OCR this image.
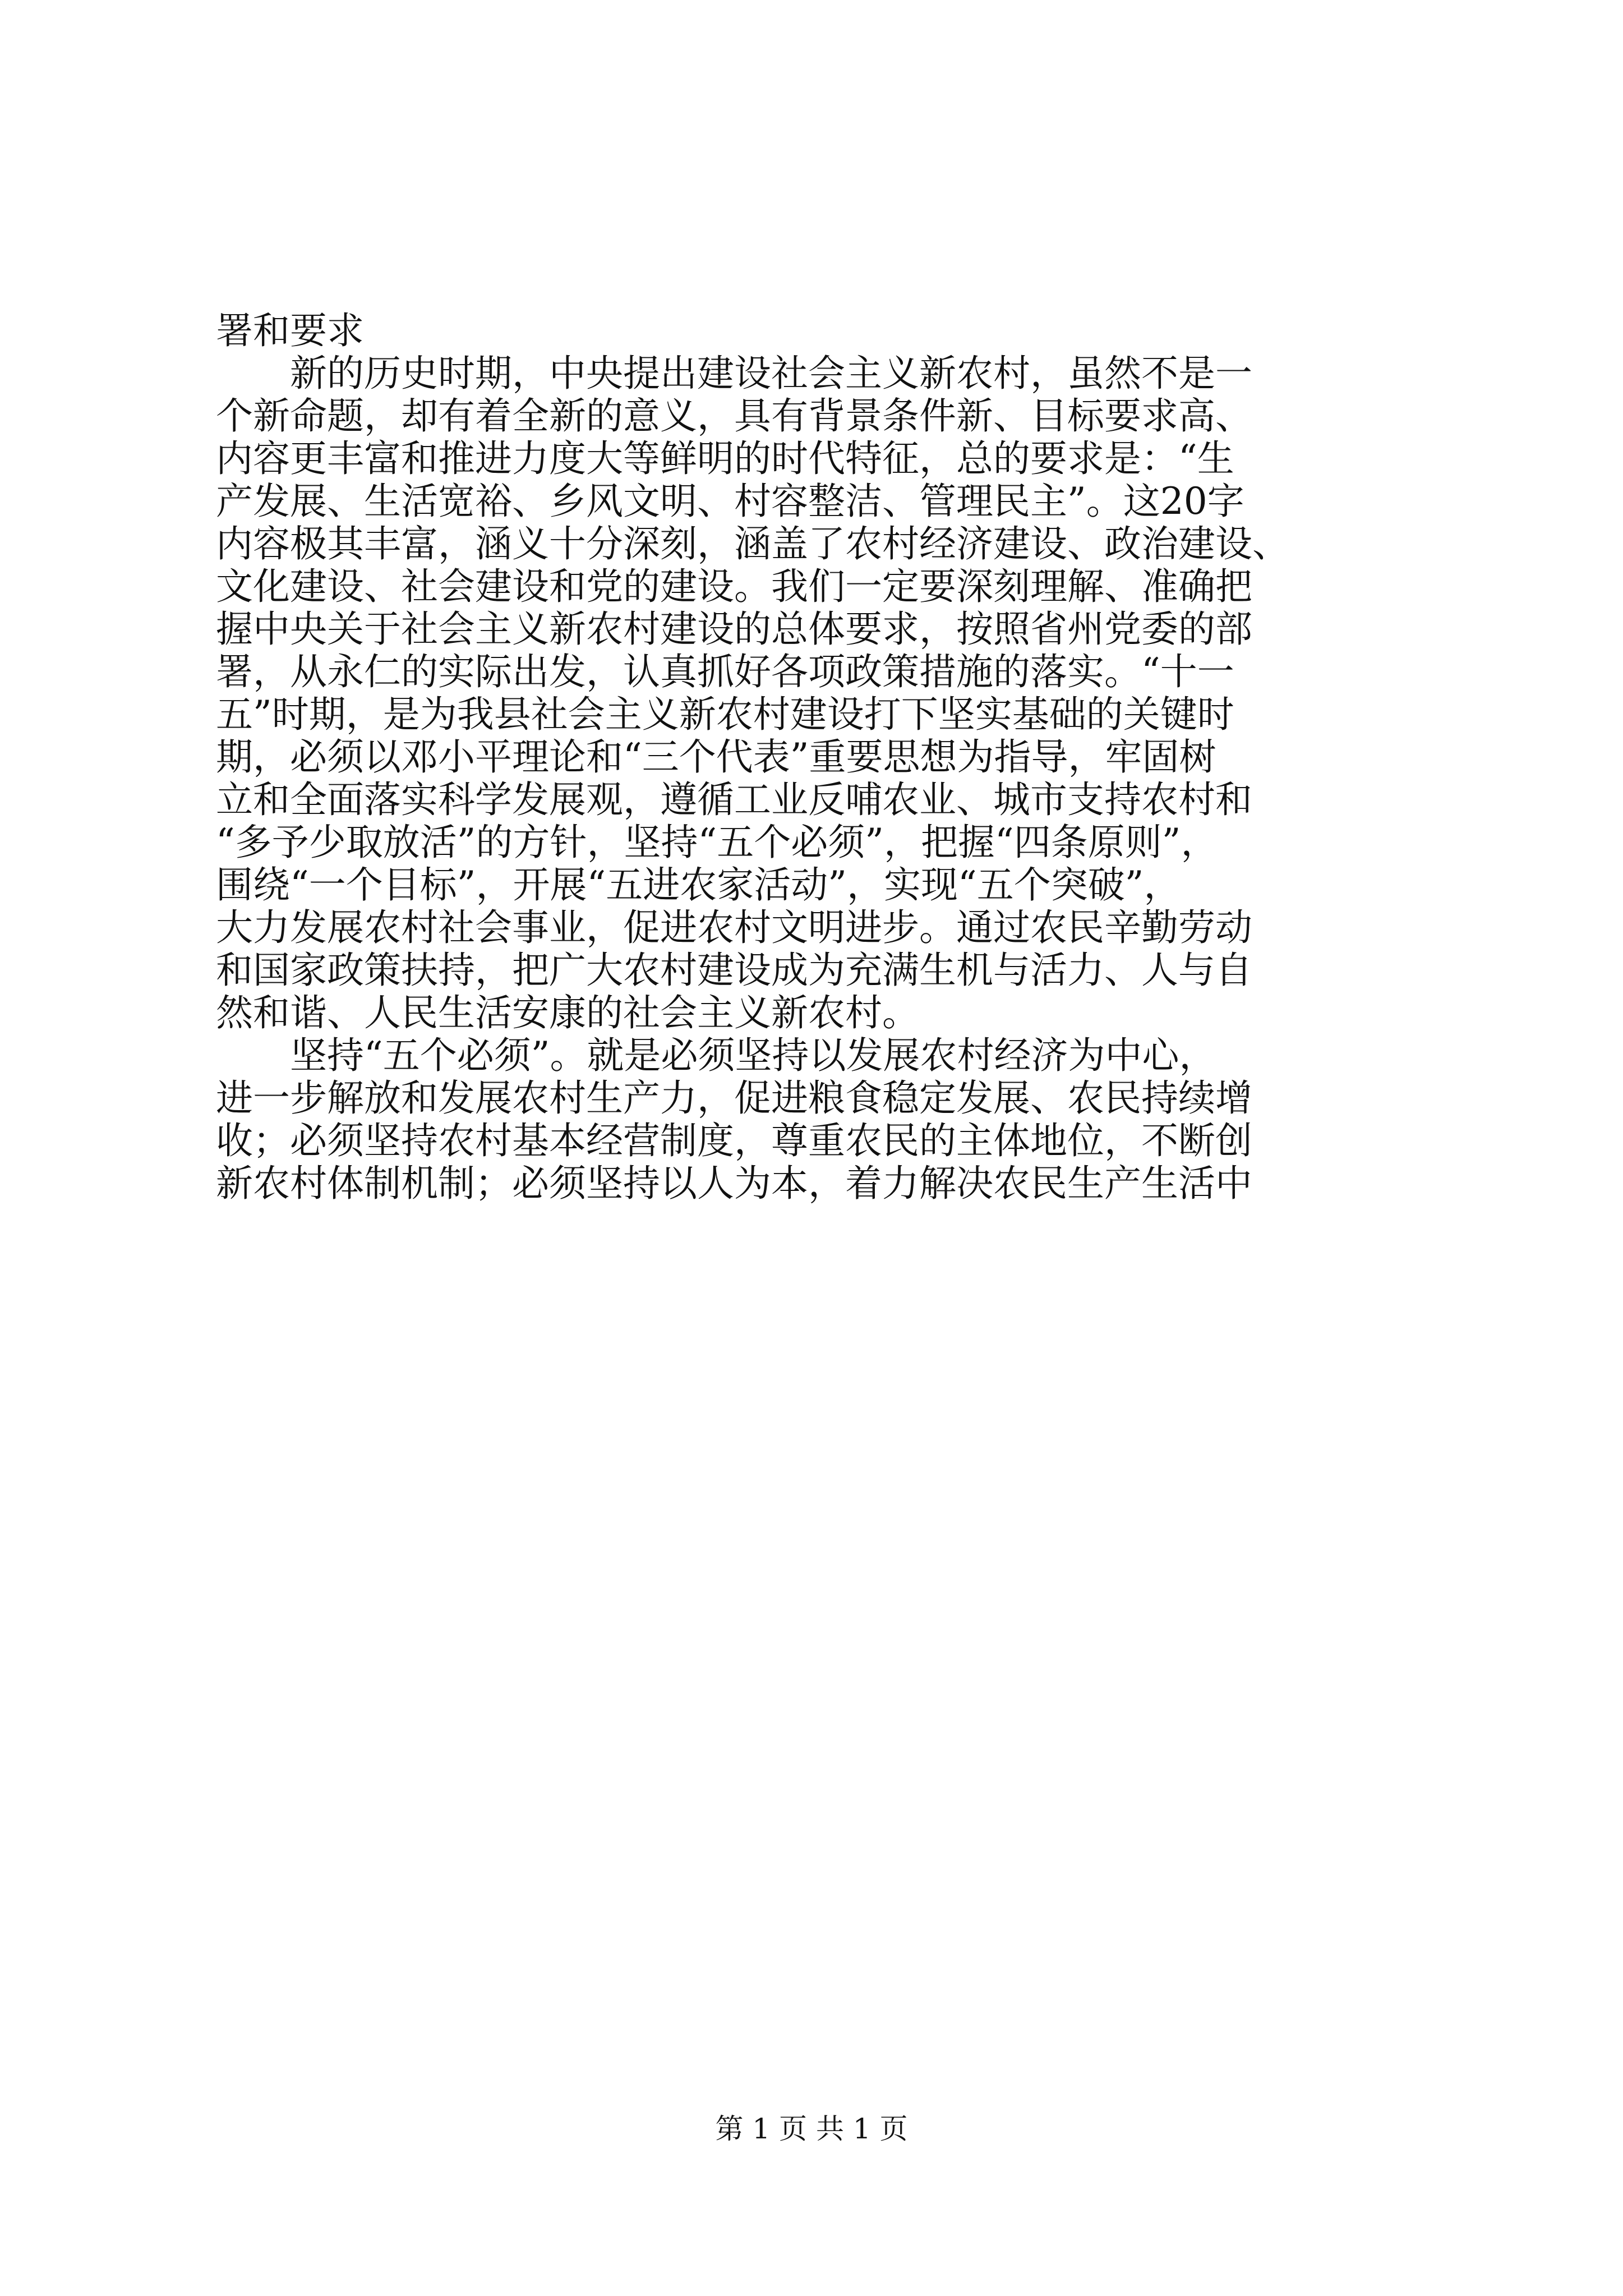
署和要求

　　新的历史时期，中央提出建设社会主义新农村，虽然不是一

个新命题，却有着全新的意义，具有背景条件新、目标要求高、

内容更丰富和推进力度大等鲜明的时代特征，总的要求是：“生

产发展、生活宽裕、乡风文明、村容整洁、管理民主”。这20字

内容极其丰富，涵义十分深刻，涵盖了农村经济建设、政治建设、

文化建设、社会建设和党的建设。我们一定要深刻理解、准确把

握中央关于社会主义新农村建设的总体要求，按照省州党委的部

署，从永仁的实际出发，认真抓好各项政策措施的落实。“十一

五”时期，是为我县社会主义新农村建设打下坚实基础的关键时

期，必须以邓小平理论和“三个代表”重要思想为指导，牢固树

立和全面落实科学发展观，遵循工业反哺农业、城市支持农村和

“多予少取放活”的方针，坚持“五个必须”，把握“四条原则”，

围绕“一个目标”，开展“五进农家活动”，实现“五个突破”，

大力发展农村社会事业，促进农村文明进步。通过农民辛勤劳动

和国家政策扶持，把广大农村建设成为充满生机与活力、人与自

然和谐、人民生活安康的社会主义新农村。

　　坚持“五个必须”。就是必须坚持以发展农村经济为中心，

进一步解放和发展农村生产力，促进粮食稳定发展、农民持续增

收；必须坚持农村基本经营制度，尊重农民的主体地位，不断创

新农村体制机制；必须坚持以人为本，着力解决农民生产生活中

第 1 页 共 1 页
